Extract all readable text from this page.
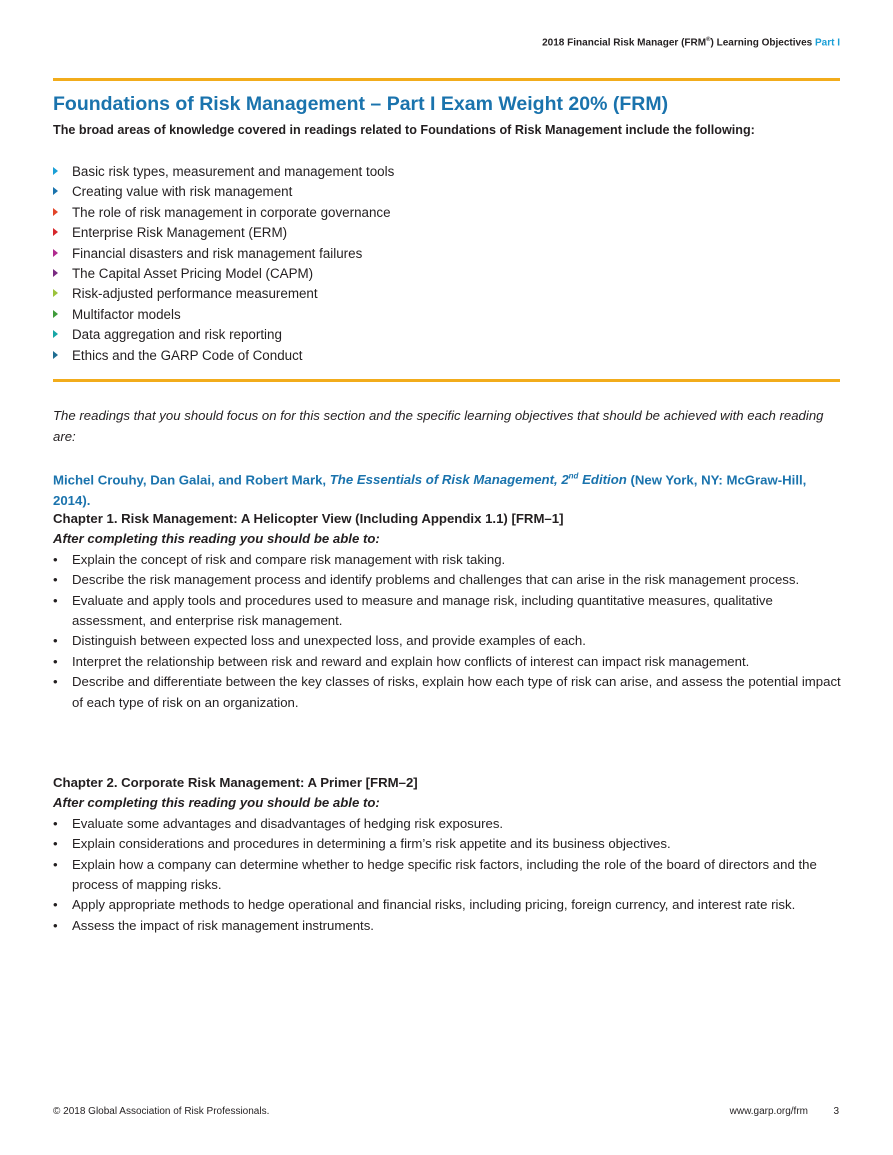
2018 Financial Risk Manager (FRM®) Learning Objectives Part I
Foundations of Risk Management – Part I Exam Weight 20% (FRM)
The broad areas of knowledge covered in readings related to Foundations of Risk Management include the following:
Basic risk types, measurement and management tools
Creating value with risk management
The role of risk management in corporate governance
Enterprise Risk Management (ERM)
Financial disasters and risk management failures
The Capital Asset Pricing Model (CAPM)
Risk-adjusted performance measurement
Multifactor models
Data aggregation and risk reporting
Ethics and the GARP Code of Conduct
The readings that you should focus on for this section and the specific learning objectives that should be achieved with each reading are:
Michel Crouhy, Dan Galai, and Robert Mark, The Essentials of Risk Management, 2nd Edition (New York, NY: McGraw-Hill, 2014).
Chapter 1. Risk Management: A Helicopter View (Including Appendix 1.1) [FRM–1]
After completing this reading you should be able to:
• Explain the concept of risk and compare risk management with risk taking.
• Describe the risk management process and identify problems and challenges that can arise in the risk management process.
• Evaluate and apply tools and procedures used to measure and manage risk, including quantitative measures, qualitative assessment, and enterprise risk management.
• Distinguish between expected loss and unexpected loss, and provide examples of each.
• Interpret the relationship between risk and reward and explain how conflicts of interest can impact risk management.
• Describe and differentiate between the key classes of risks, explain how each type of risk can arise, and assess the potential impact of each type of risk on an organization.
Chapter 2. Corporate Risk Management: A Primer [FRM–2]
After completing this reading you should be able to:
• Evaluate some advantages and disadvantages of hedging risk exposures.
• Explain considerations and procedures in determining a firm’s risk appetite and its business objectives.
• Explain how a company can determine whether to hedge specific risk factors, including the role of the board of directors and the process of mapping risks.
• Apply appropriate methods to hedge operational and financial risks, including pricing, foreign currency, and interest rate risk.
• Assess the impact of risk management instruments.
© 2018 Global Association of Risk Professionals.	www.garp.org/frm	3
